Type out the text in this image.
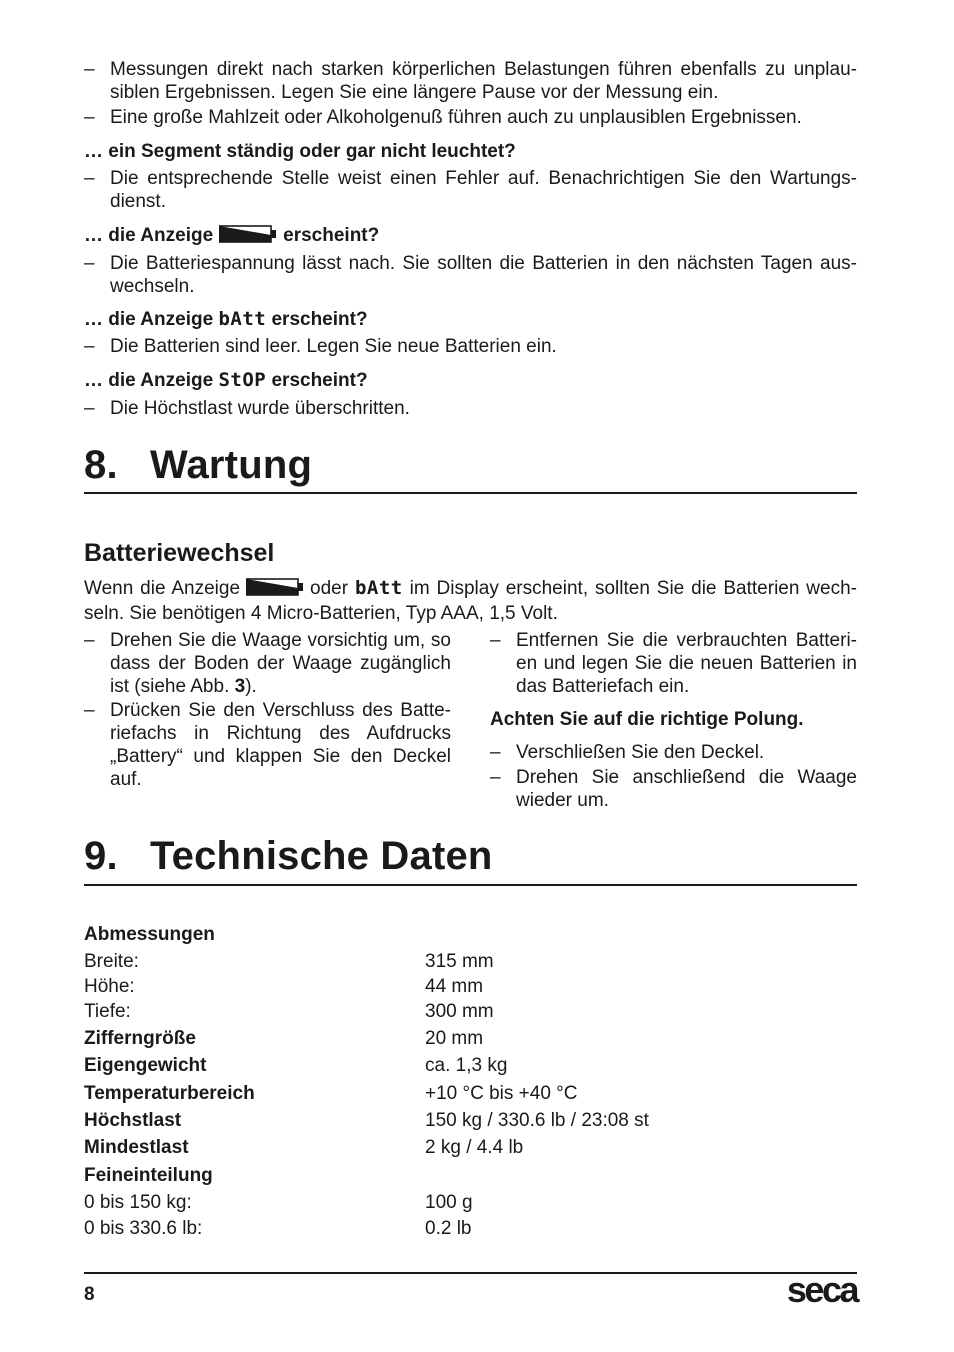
– Messungen direkt nach starken körperlichen Belastungen führen ebenfalls zu unplausiblen Ergebnissen. Legen Sie eine längere Pause vor der Messung ein.
– Eine große Mahlzeit oder Alkoholgenuß führen auch zu unplausiblen Ergebnissen.
… ein Segment ständig oder gar nicht leuchtet?
– Die entsprechende Stelle weist einen Fehler auf. Benachrichtigen Sie den Wartungsdienst.
… die Anzeige	erscheint?
– Die Batteriespannung lässt nach. Sie sollten die Batterien in den nächsten Tagen auswechseln.
… die Anzeige bAtt erscheint?
– Die Batterien sind leer. Legen Sie neue Batterien ein.
… die Anzeige StOP erscheint?
– Die Höchstlast wurde überschritten.
8. Wartung
Batteriewechsel
Wenn die Anzeige	oder bAtt im Display erscheint, sollten Sie die Batterien wechseln. Sie benötigen 4 Micro-Batterien, Typ AAA, 1,5 Volt.
– Drehen Sie die Waage vorsichtig um, so dass der Boden der Waage zugänglich ist (siehe Abb. 3).
– Drücken Sie den Verschluss des Batteriefachs in Richtung des Aufdrucks „Battery“ und klappen Sie den Deckel auf.
– Entfernen Sie die verbrauchten Batterien und legen Sie die neuen Batterien in das Batteriefach ein.
Achten Sie auf die richtige Polung.
– Verschließen Sie den Deckel.
– Drehen Sie anschließend die Waage wieder um.
9. Technische Daten
Abmessungen
Breite:	315 mm
Höhe:	44 mm
Tiefe:	300 mm
Zifferngröße	20 mm
Eigengewicht	ca. 1,3 kg
Temperaturbereich	+10 °C bis +40 °C
Höchstlast	150 kg / 330.6 lb / 23:08 st
Mindestlast	2 kg / 4.4 lb
Feineinteilung
0 bis 150 kg:	100 g
0 bis 330.6 lb:	0.2 lb
8	seca
